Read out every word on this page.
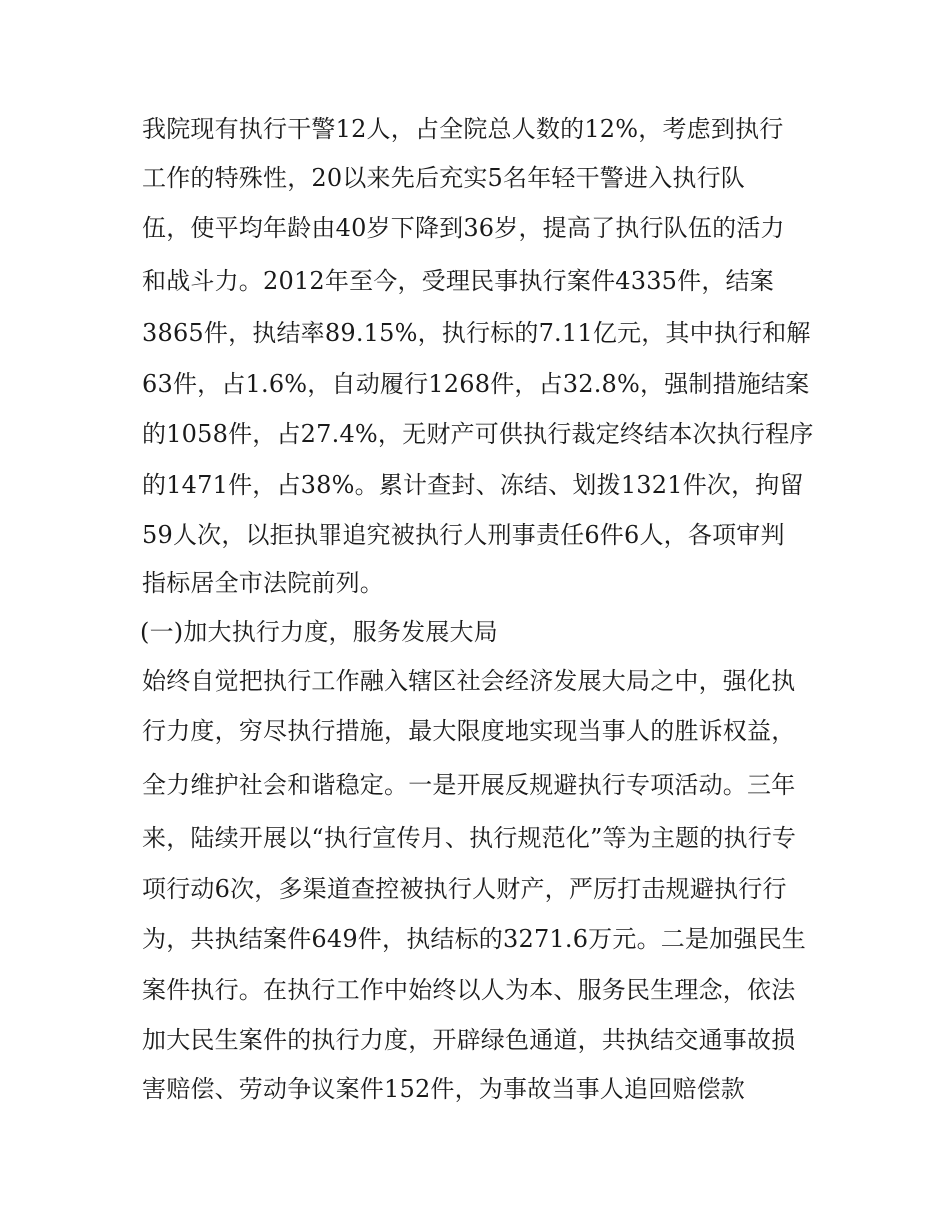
我院现有执行干警12人，占全院总人数的12%，考虑到执行
工作的特殊性，20以来先后充实5名年轻干警进入执行队
伍，使平均年龄由40岁下降到36岁，提高了执行队伍的活力
和战斗力。2012年至今，受理民事执行案件4335件，结案
3865件，执结率89.15%，执行标的7.11亿元，其中执行和解
63件，占1.6%，自动履行1268件，占32.8%，强制措施结案
的1058件，占27.4%，无财产可供执行裁定终结本次执行程序
的1471件，占38%。累计查封、冻结、划拨1321件次，拘留
59人次，以拒执罪追究被执行人刑事责任6件6人，各项审判
指标居全市法院前列。
(一)加大执行力度，服务发展大局
始终自觉把执行工作融入辖区社会经济发展大局之中，强化执
行力度，穷尽执行措施，最大限度地实现当事人的胜诉权益，
全力维护社会和谐稳定。一是开展反规避执行专项活动。三年
来，陆续开展以“执行宣传月、执行规范化”等为主题的执行专
项行动6次，多渠道查控被执行人财产，严厉打击规避执行行
为，共执结案件649件，执结标的3271.6万元。二是加强民生
案件执行。在执行工作中始终以人为本、服务民生理念，依法
加大民生案件的执行力度，开辟绿色通道，共执结交通事故损
害赔偿、劳动争议案件152件，为事故当事人追回赔偿款
